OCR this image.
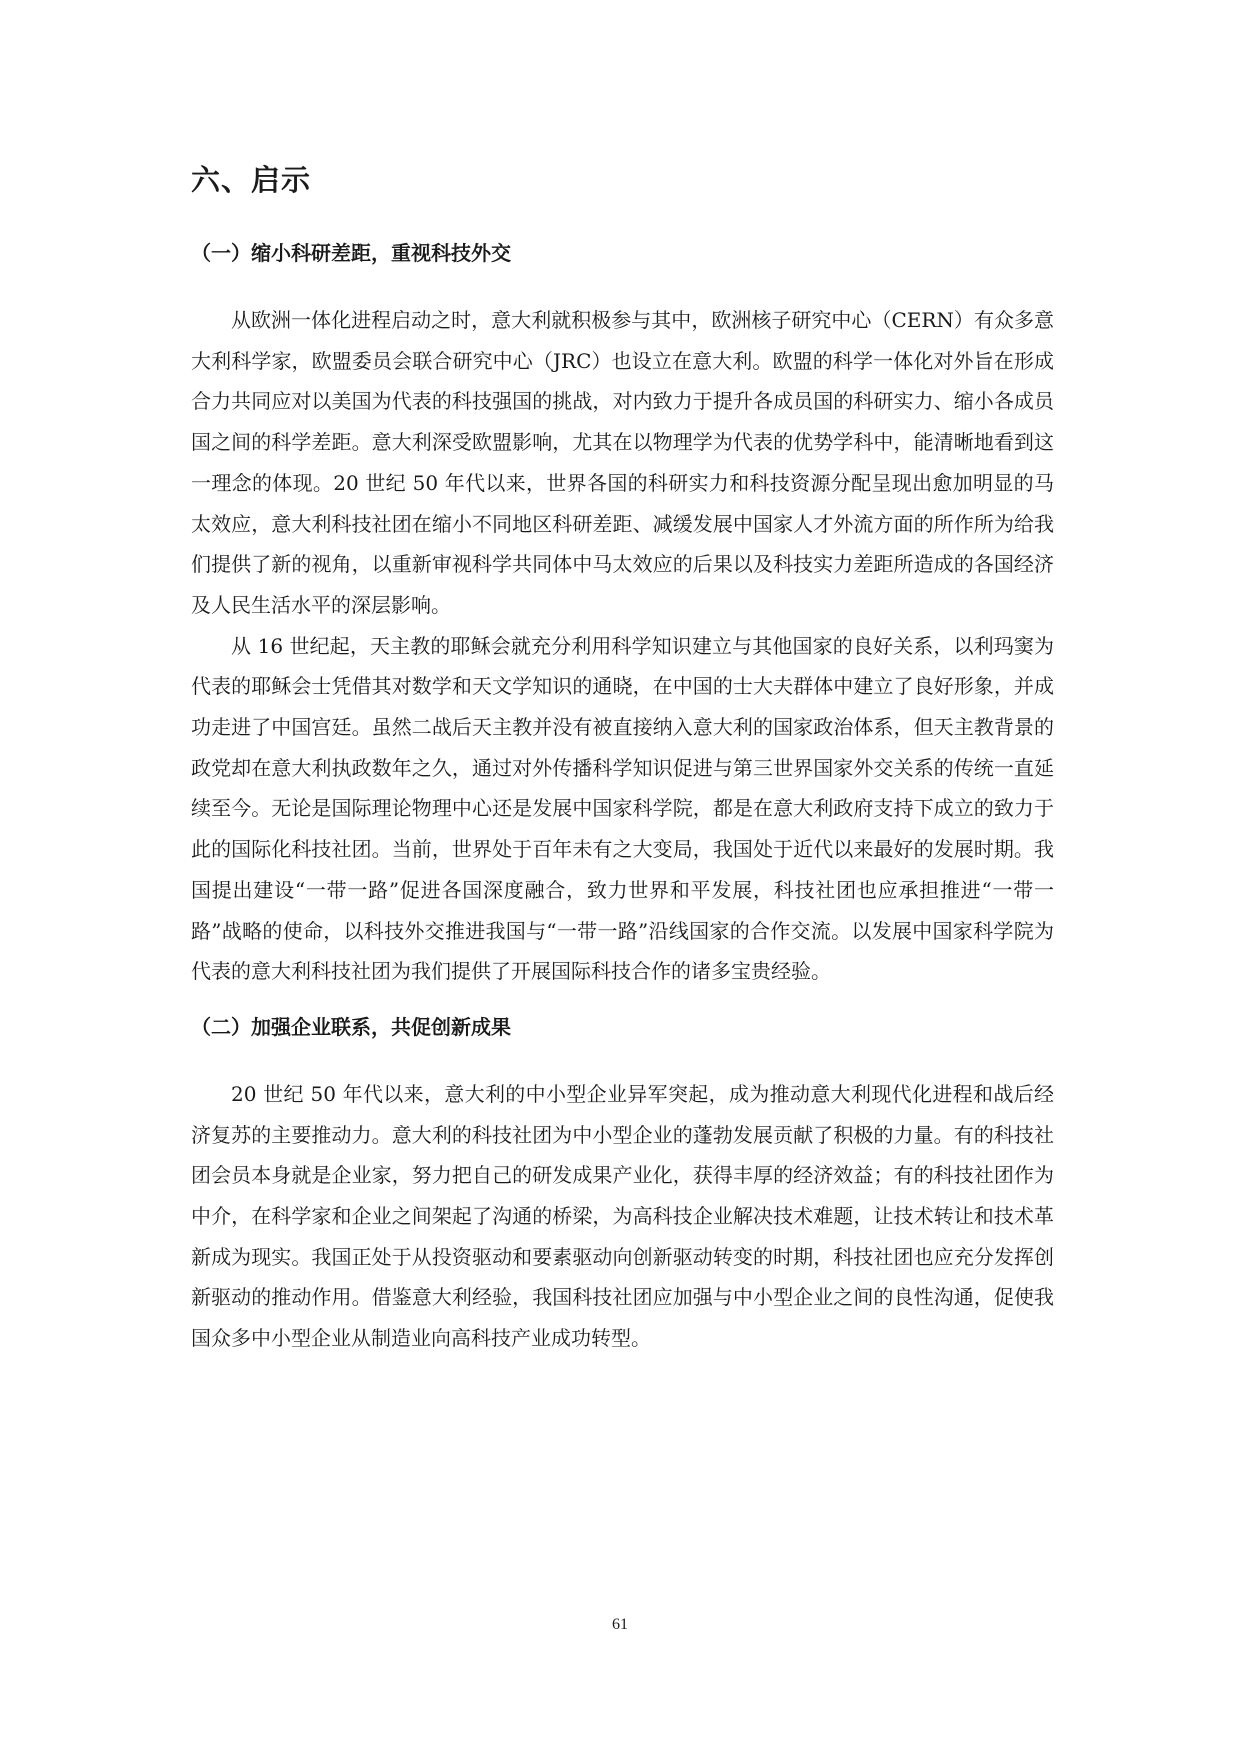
六、启示
（一）缩小科研差距，重视科技外交

从欧洲一体化进程启动之时，意大利就积极参与其中，欧洲核子研究中心（CERN）有众多意大利科学家，欧盟委员会联合研究中心（JRC）也设立在意大利。欧盟的科学一体化对外旨在形成合力共同应对以美国为代表的科技强国的挑战，对内致力于提升各成员国的科研实力、缩小各成员国之间的科学差距。意大利深受欧盟影响，尤其在以物理学为代表的优势学科中，能清晰地看到这一理念的体现。20 世纪 50 年代以来，世界各国的科研实力和科技资源分配呈现出愈加明显的马太效应，意大利科技社团在缩小不同地区科研差距、减缓发展中国家人才外流方面的所作所为给我们提供了新的视角，以重新审视科学共同体中马太效应的后果以及科技实力差距所造成的各国经济及人民生活水平的深层影响。

从 16 世纪起，天主教的耶稣会就充分利用科学知识建立与其他国家的良好关系，以利玛窦为代表的耶稣会士凭借其对数学和天文学知识的通晓，在中国的士大夫群体中建立了良好形象，并成功走进了中国宫廷。虽然二战后天主教并没有被直接纳入意大利的国家政治体系，但天主教背景的政党却在意大利执政数年之久，通过对外传播科学知识促进与第三世界国家外交关系的传统一直延续至今。无论是国际理论物理中心还是发展中国家科学院，都是在意大利政府支持下成立的致力于此的国际化科技社团。当前，世界处于百年未有之大变局，我国处于近代以来最好的发展时期。我国提出建设“一带一路”促进各国深度融合，致力世界和平发展，科技社团也应承担推进“一带一路”战略的使命，以科技外交推进我国与“一带一路”沿线国家的合作交流。以发展中国家科学院为代表的意大利科技社团为我们提供了开展国际科技合作的诸多宝贵经验。

（二）加强企业联系，共促创新成果

20 世纪 50 年代以来，意大利的中小型企业异军突起，成为推动意大利现代化进程和战后经济复苏的主要推动力。意大利的科技社团为中小型企业的蓬勃发展贡献了积极的力量。有的科技社团会员本身就是企业家，努力把自己的研发成果产业化，获得丰厚的经济效益；有的科技社团作为中介，在科学家和企业之间架起了沟通的桥梁，为高科技企业解决技术难题，让技术转让和技术革新成为现实。我国正处于从投资驱动和要素驱动向创新驱动转变的时期，科技社团也应充分发挥创新驱动的推动作用。借鉴意大利经验，我国科技社团应加强与中小型企业之间的良性沟通，促使我国众多中小型企业从制造业向高科技产业成功转型。

61
